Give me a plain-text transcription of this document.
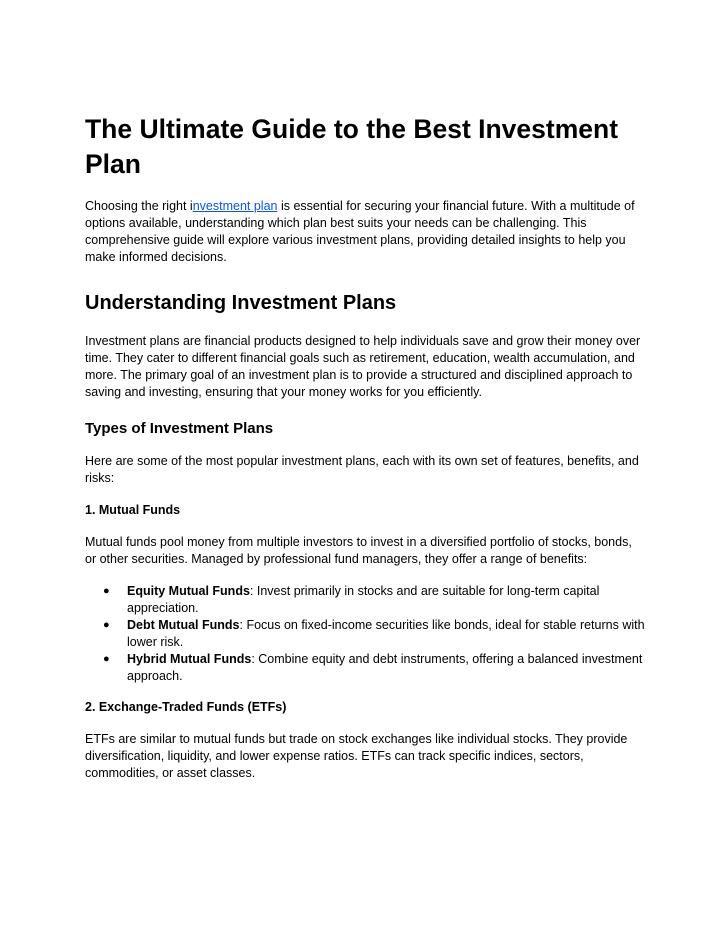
The Ultimate Guide to the Best Investment Plan

Choosing the right investment plan is essential for securing your financial future. With a multitude of options available, understanding which plan best suits your needs can be challenging. This comprehensive guide will explore various investment plans, providing detailed insights to help you make informed decisions.

Understanding Investment Plans

Investment plans are financial products designed to help individuals save and grow their money over time. They cater to different financial goals such as retirement, education, wealth accumulation, and more. The primary goal of an investment plan is to provide a structured and disciplined approach to saving and investing, ensuring that your money works for you efficiently.

Types of Investment Plans

Here are some of the most popular investment plans, each with its own set of features, benefits, and risks:

1. Mutual Funds

Mutual funds pool money from multiple investors to invest in a diversified portfolio of stocks, bonds, or other securities. Managed by professional fund managers, they offer a range of benefits:

● Equity Mutual Funds: Invest primarily in stocks and are suitable for long-term capital appreciation.
● Debt Mutual Funds: Focus on fixed-income securities like bonds, ideal for stable returns with lower risk.
● Hybrid Mutual Funds: Combine equity and debt instruments, offering a balanced investment approach.
2. Exchange-Traded Funds (ETFs)

ETFs are similar to mutual funds but trade on stock exchanges like individual stocks. They provide diversification, liquidity, and lower expense ratios. ETFs can track specific indices, sectors, commodities, or asset classes.
